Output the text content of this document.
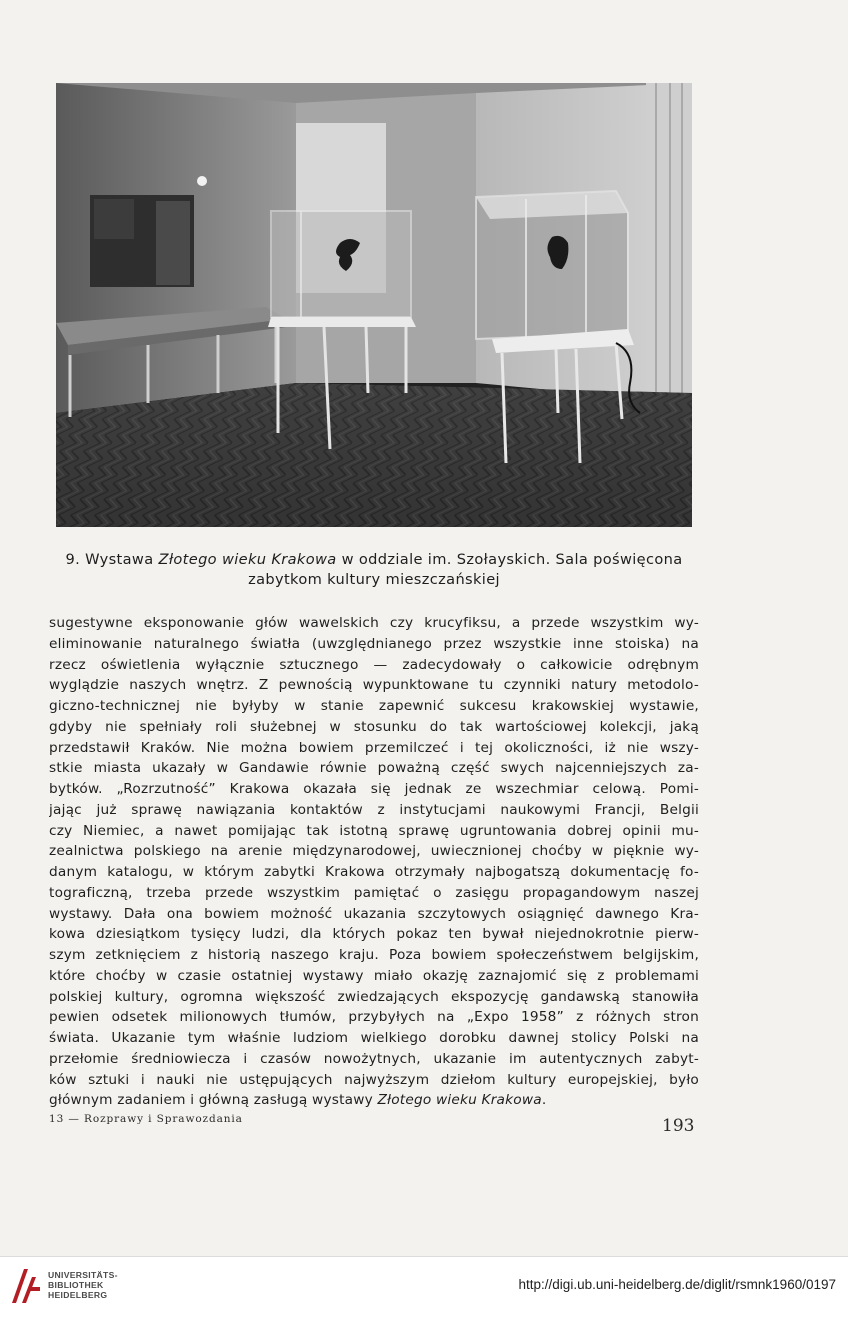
9. Wystawa Złotego wieku Krakowa w oddziale im. Szołayskich. Sala poświęcona
zabytkom kultury mieszczańskiej
sugestywne eksponowanie głów wawelskich czy krucyfiksu, a przede wszystkim wy-
eliminowanie naturalnego światła (uwzględnianego przez wszystkie inne stoiska) na
rzecz oświetlenia wyłącznie sztucznego — zadecydowały o całkowicie odrębnym
wyglądzie naszych wnętrz. Z pewnością wypunktowane tu czynniki natury metodolo-
giczno-technicznej nie byłyby w stanie zapewnić sukcesu krakowskiej wystawie,
gdyby nie spełniały roli służebnej w stosunku do tak wartościowej kolekcji, jaką
przedstawił Kraków. Nie można bowiem przemilczeć i tej okoliczności, iż nie wszy-
stkie miasta ukazały w Gandawie równie poważną część swych najcenniejszych za-
bytków. „Rozrzutność” Krakowa okazała się jednak ze wszechmiar celową. Pomi-
jając już sprawę nawiązania kontaktów z instytucjami naukowymi Francji, Belgii
czy Niemiec, a nawet pomijając tak istotną sprawę ugruntowania dobrej opinii mu-
zealnictwa polskiego na arenie międzynarodowej, uwiecznionej choćby w pięknie wy-
danym katalogu, w którym zabytki Krakowa otrzymały najbogatszą dokumentację fo-
tograficzną, trzeba przede wszystkim pamiętać o zasięgu propagandowym naszej
wystawy. Dała ona bowiem możność ukazania szczytowych osiągnięć dawnego Kra-
kowa dziesiątkom tysięcy ludzi, dla których pokaz ten bywał niejednokrotnie pierw-
szym zetknięciem z historią naszego kraju. Poza bowiem społeczeństwem belgijskim,
które choćby w czasie ostatniej wystawy miało okazję zaznajomić się z problemami
polskiej kultury, ogromna większość zwiedzających ekspozycję gandawską stanowiła
pewien odsetek milionowych tłumów, przybyłych na „Expo 1958” z różnych stron
świata. Ukazanie tym właśnie ludziom wielkiego dorobku dawnej stolicy Polski na
przełomie średniowiecza i czasów nowożytnych, ukazanie im autentycznych zabyt-
ków sztuki i nauki nie ustępujących najwyższym dziełom kultury europejskiej, było
głównym zadaniem i główną zasługą wystawy Złotego wieku Krakowa.
13 — Rozprawy i Sprawozdania	193
UNIVERSITÄTS-
BIBLIOTHEK
HEIDELBERG
http://digi.ub.uni-heidelberg.de/diglit/rsmnk1960/0197
